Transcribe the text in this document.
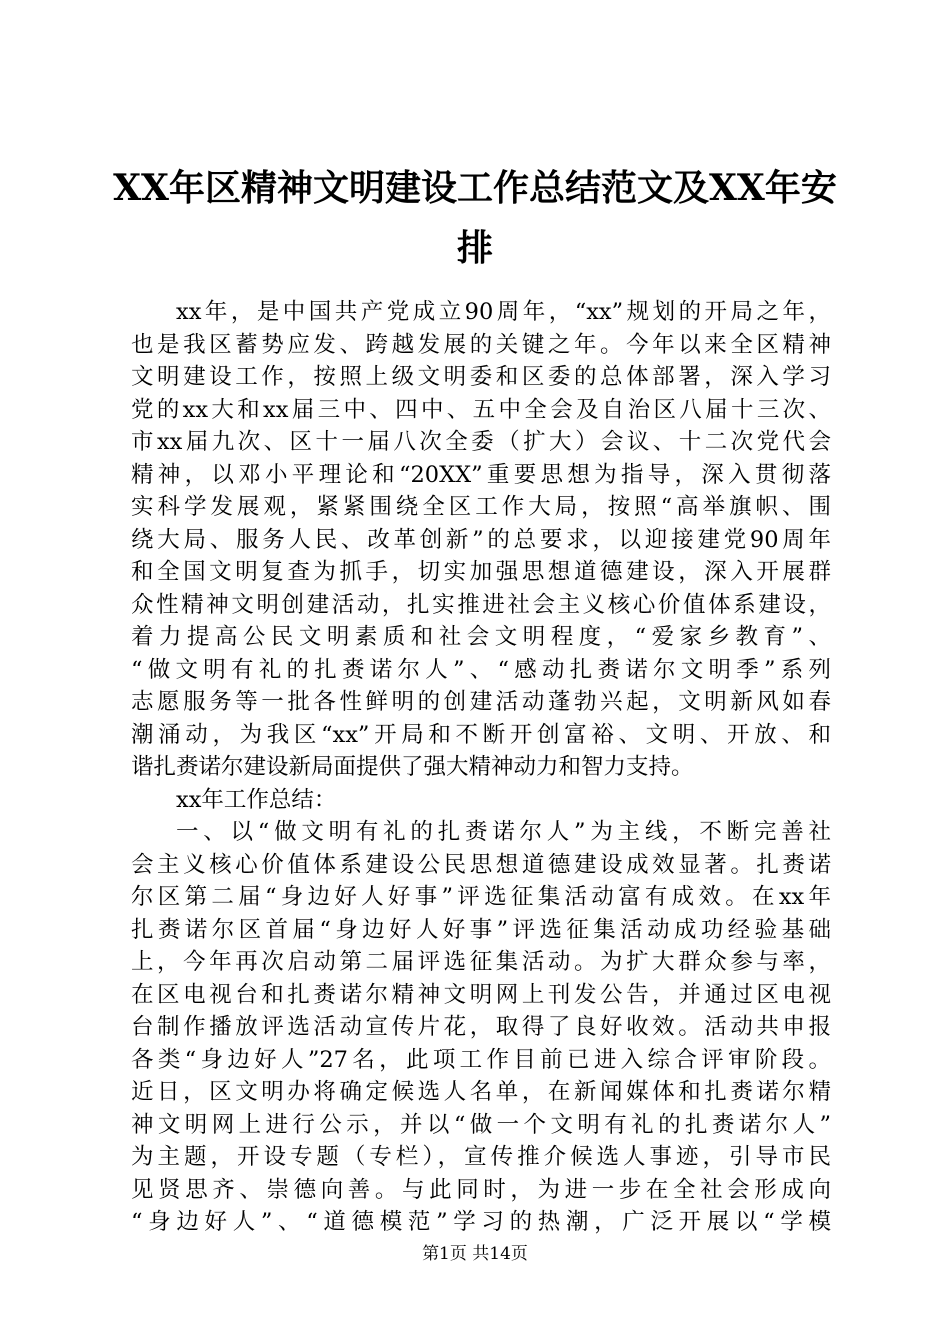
XX年区精神文明建设工作总结范文及XX年安
排
xx年，是中国共产党成立90周年，“xx”规划的开局之年，
也是我区蓄势应发、跨越发展的关键之年。今年以来全区精神
文明建设工作，按照上级文明委和区委的总体部署，深入学习
党的xx大和xx届三中、四中、五中全会及自治区八届十三次、
市xx届九次、区十一届八次全委（扩大）会议、十二次党代会
精神，以邓小平理论和“20XX”重要思想为指导，深入贯彻落
实科学发展观，紧紧围绕全区工作大局，按照“高举旗帜、围
绕大局、服务人民、改革创新”的总要求，以迎接建党90周年
和全国文明复查为抓手，切实加强思想道德建设，深入开展群
众性精神文明创建活动，扎实推进社会主义核心价值体系建设，
着力提高公民文明素质和社会文明程度，“爱家乡教育”、
“做文明有礼的扎赉诺尔人”、“感动扎赉诺尔文明季”系列
志愿服务等一批各性鲜明的创建活动蓬勃兴起，文明新风如春
潮涌动，为我区“xx”开局和不断开创富裕、文明、开放、和
谐扎赉诺尔建设新局面提供了强大精神动力和智力支持。
xx年工作总结：
一、以“做文明有礼的扎赉诺尔人”为主线，不断完善社
会主义核心价值体系建设公民思想道德建设成效显著。扎赉诺
尔区第二届“身边好人好事”评选征集活动富有成效。在xx年
扎赉诺尔区首届“身边好人好事”评选征集活动成功经验基础
上，今年再次启动第二届评选征集活动。为扩大群众参与率，
在区电视台和扎赉诺尔精神文明网上刊发公告，并通过区电视
台制作播放评选活动宣传片花，取得了良好收效。活动共申报
各类“身边好人”27名，此项工作目前已进入综合评审阶段。
近日，区文明办将确定候选人名单，在新闻媒体和扎赉诺尔精
神文明网上进行公示，并以“做一个文明有礼的扎赉诺尔人”
为主题，开设专题（专栏），宣传推介候选人事迹，引导市民
见贤思齐、崇德向善。与此同时，为进一步在全社会形成向
“身边好人”、“道德模范”学习的热潮，广泛开展以“学模
第1页 共14页
